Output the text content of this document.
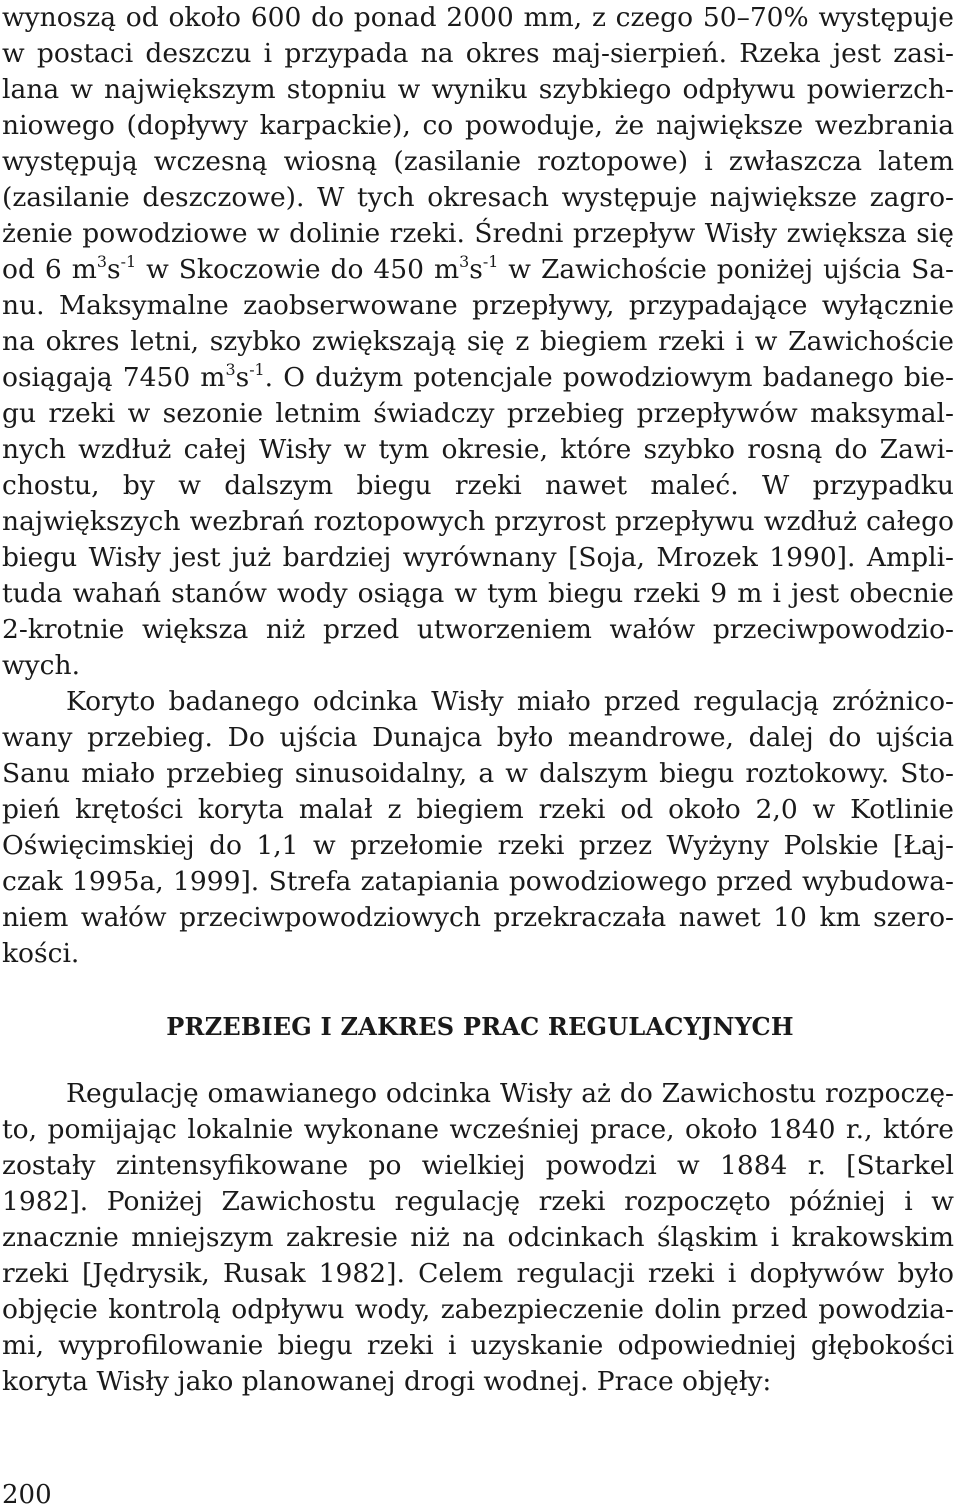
wynoszą od około 600 do ponad 2000 mm, z czego 50–70% występuje
w postaci deszczu i przypada na okres maj-sierpień. Rzeka jest zasi-
lana w największym stopniu w wyniku szybkiego odpływu powierzch-
niowego (dopływy karpackie), co powoduje, że największe wezbrania
występują wczesną wiosną (zasilanie roztopowe) i zwłaszcza latem
(zasilanie deszczowe). W tych okresach występuje największe zagro-
żenie powodziowe w dolinie rzeki. Średni przepływ Wisły zwiększa się
od 6 $m^3s^{-1}$ w Skoczowie do 450 $m^3s^{-1}$ w Zawichoście poniżej ujścia Sa-
nu. Maksymalne zaobserwowane przepływy, przypadające wyłącznie
na okres letni, szybko zwiększają się z biegiem rzeki i w Zawichoście
osiągają 7450 $m^3s^{-1}$. O dużym potencjale powodziowym badanego bie-
gu rzeki w sezonie letnim świadczy przebieg przepływów maksymal-
nych wzdłuż całej Wisły w tym okresie, które szybko rosną do Zawi-
chostu, by w dalszym biegu rzeki nawet maleć. W przypadku
największych wezbrań roztopowych przyrost przepływu wzdłuż całego
biegu Wisły jest już bardziej wyrównany [Soja, Mrozek 1990]. Ampli-
tuda wahań stanów wody osiąga w tym biegu rzeki 9 m i jest obecnie
2-krotnie większa niż przed utworzeniem wałów przeciwpowodzio-
wych.
Koryto badanego odcinka Wisły miało przed regulacją zróżnico-
wany przebieg. Do ujścia Dunajca było meandrowe, dalej do ujścia
Sanu miało przebieg sinusoidalny, a w dalszym biegu roztokowy. Sto-
pień krętości koryta malał z biegiem rzeki od około 2,0 w Kotlinie
Oświęcimskiej do 1,1 w przełomie rzeki przez Wyżyny Polskie [Łaj-
czak 1995a, 1999]. Strefa zatapiania powodziowego przed wybudowa-
niem wałów przeciwpowodziowych przekraczała nawet 10 km szero-
kości.
PRZEBIEG I ZAKRES PRAC REGULACYJNYCH
Regulację omawianego odcinka Wisły aż do Zawichostu rozpoczę-
to, pomijając lokalnie wykonane wcześniej prace, około 1840 r., które
zostały zintensyfikowane po wielkiej powodzi w 1884 r. [Starkel
1982]. Poniżej Zawichostu regulację rzeki rozpoczęto później i w
znacznie mniejszym zakresie niż na odcinkach śląskim i krakowskim
rzeki [Jędrysik, Rusak 1982]. Celem regulacji rzeki i dopływów było
objęcie kontrolą odpływu wody, zabezpieczenie dolin przed powodzia-
mi, wyprofilowanie biegu rzeki i uzyskanie odpowiedniej głębokości
koryta Wisły jako planowanej drogi wodnej. Prace objęły:
200
